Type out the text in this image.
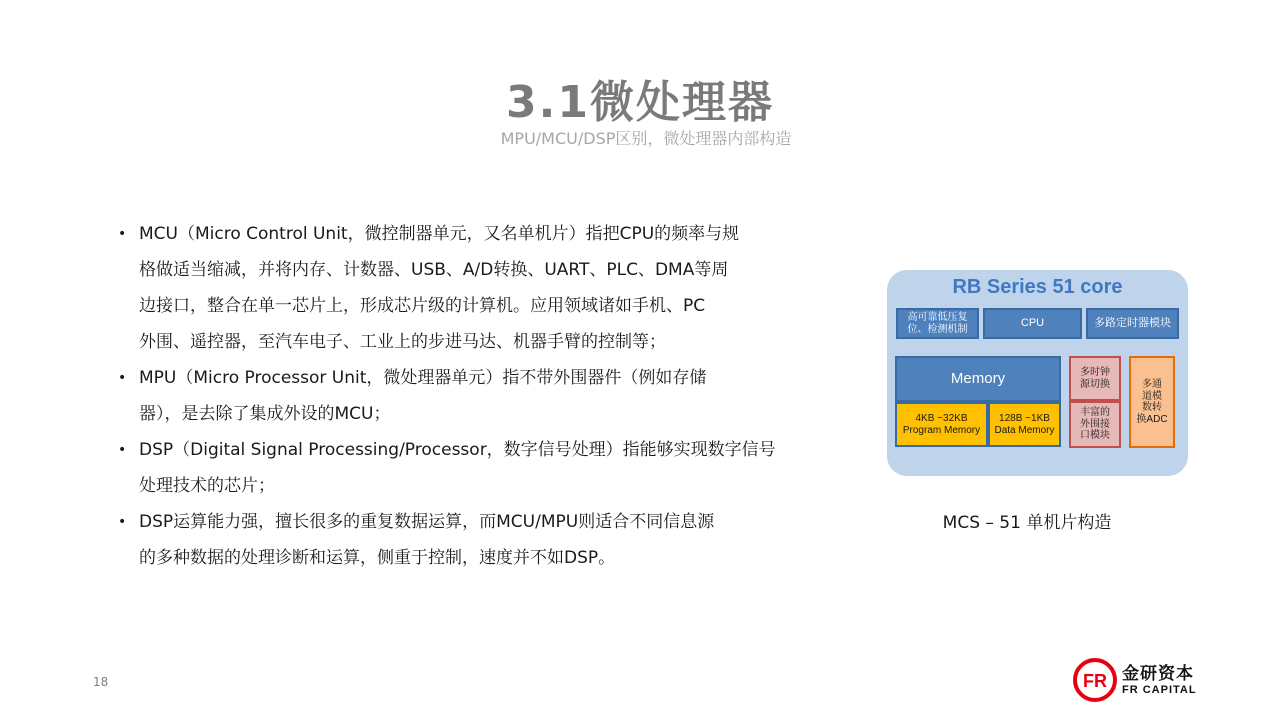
3.1微处理器
MPU/MCU/DSP区别，微处理器内部构造
• MCU（Micro Control Unit，微控制器单元，又名单机片）指把CPU的频率与规
格做适当缩减，并将内存、计数器、USB、A/D转换、UART、PLC、DMA等周
边接口，整合在单一芯片上，形成芯片级的计算机。应用领域诸如手机、PC
外围、遥控器，至汽车电子、工业上的步进马达、机器手臂的控制等；
• MPU（Micro Processor Unit，微处理器单元）指不带外围器件（例如存储
器），是去除了集成外设的MCU；
• DSP（Digital Signal Processing/Processor，数字信号处理）指能够实现数字信号
处理技术的芯片；
• DSP运算能力强，擅长很多的重复数据运算，而MCU/MPU则适合不同信息源
的多种数据的处理诊断和运算，侧重于控制，速度并不如DSP。
RB Series 51 core
高可靠低压复
位、检测机制	CPU	多路定时器模块
Memory
4KB ~32KB
Program Memory
128B ~1KB
Data Memory
多时钟
源切换
丰富的
外围接
口模块
多通
道模
数转
换ADC
MCS – 51 单机片构造
18	FR 金研资本
FR CAPITAL
